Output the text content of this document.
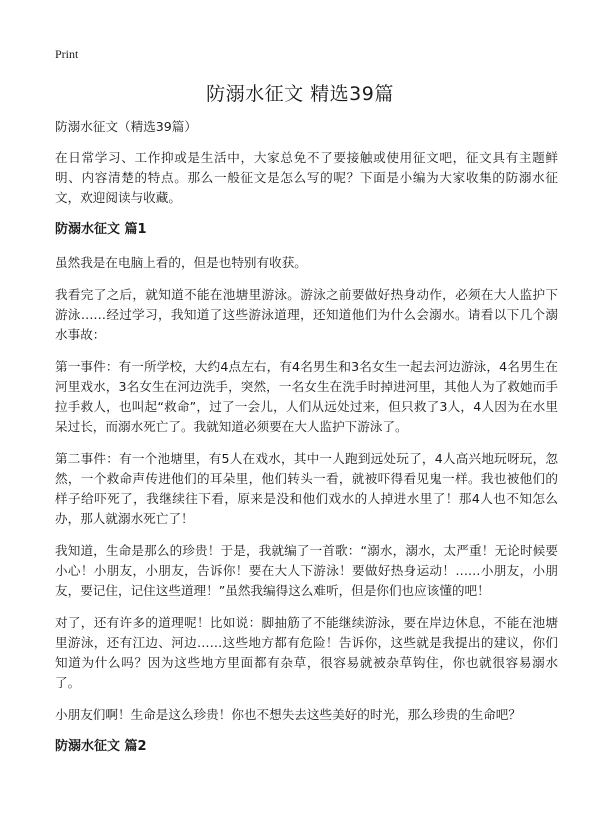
Print
防溺水征文 精选39篇

防溺水征文（精选39篇）

在日常学习、工作抑或是生活中，大家总免不了要接触或使用征文吧，征文具有主题鲜明、内容清楚的特点。那么一般征文是怎么写的呢？下面是小编为大家收集的防溺水征文，欢迎阅读与收藏。

防溺水征文 篇1

虽然我是在电脑上看的，但是也特别有收获。

我看完了之后，就知道不能在池塘里游泳。游泳之前要做好热身动作，必须在大人监护下游泳……经过学习，我知道了这些游泳道理，还知道他们为什么会溺水。请看以下几个溺水事故：

第一事件：有一所学校，大约4点左右，有4名男生和3名女生一起去河边游泳，4名男生在河里戏水，3名女生在河边洗手，突然，一名女生在洗手时掉进河里，其他人为了救她而手拉手救人，也叫起“救命”，过了一会儿，人们从远处过来，但只救了3人，4人因为在水里呆过长，而溺水死亡了。我就知道必须要在大人监护下游泳了。

第二事件：有一个池塘里，有5人在戏水，其中一人跑到远处玩了，4人高兴地玩呀玩，忽然，一个救命声传进他们的耳朵里，他们转头一看，就被吓得看见鬼一样。我也被他们的样子给吓死了，我继续往下看，原来是没和他们戏水的人掉进水里了！那4人也不知怎么办，那人就溺水死亡了！

我知道，生命是那么的珍贵！于是，我就编了一首歌：“溺水，溺水，太严重！无论时候要小心！小朋友，小朋友，告诉你！要在大人下游泳！要做好热身运动！……小朋友，小朋友，要记住，记住这些道理！”虽然我编得这么难听，但是你们也应该懂的吧！

对了，还有许多的道理呢！比如说：脚抽筋了不能继续游泳，要在岸边休息，不能在池塘里游泳，还有江边、河边……这些地方都有危险！告诉你，这些就是我提出的建议，你们知道为什么吗？因为这些地方里面都有杂草，很容易就被杂草钩住，你也就很容易溺水了。

小朋友们啊！生命是这么珍贵！你也不想失去这些美好的时光，那么珍贵的生命吧？

防溺水征文 篇2
